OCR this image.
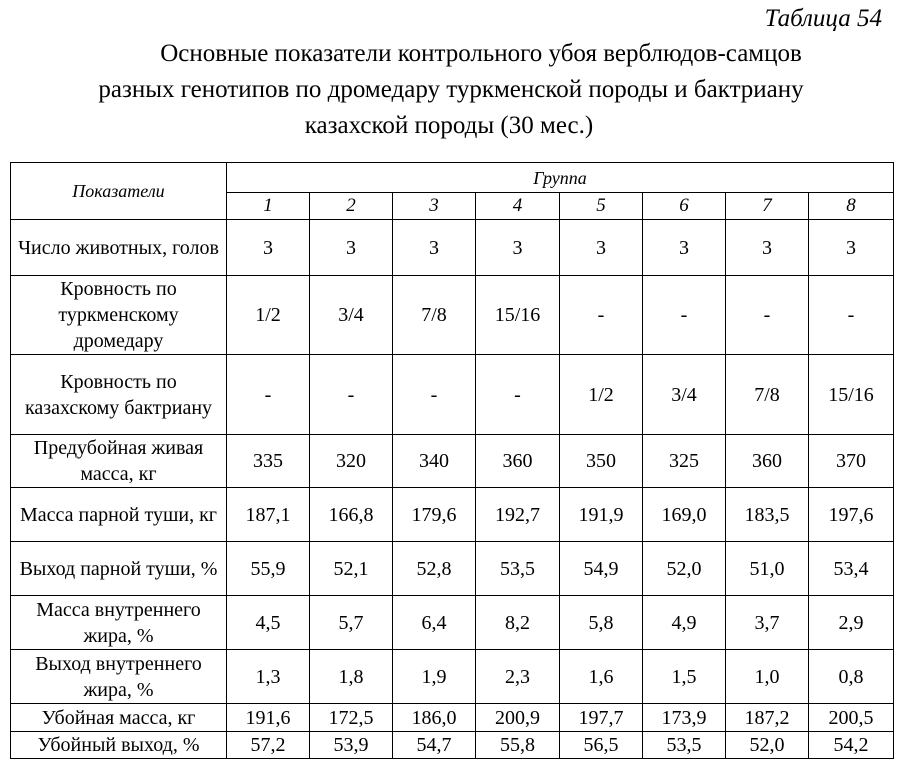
Таблица 54
Основные показатели контрольного убоя верблюдов-самцов
разных генотипов по дромедару туркменской породы и бактриану
казахской породы (30 мес.)
Показатели	Группа							
	1	2	3	4	5	6	7	8
Число животных, голов	3	3	3	3	3	3	3	3
Кровность по туркменскому дромедару	1/2	3/4	7/8	15/16	-	-	-	-
Кровность по казахскому бактриану	-	-	-	-	1/2	3/4	7/8	15/16
Предубойная живая масса, кг	335	320	340	360	350	325	360	370
Масса парной туши, кг	187,1	166,8	179,6	192,7	191,9	169,0	183,5	197,6
Выход парной туши, %	55,9	52,1	52,8	53,5	54,9	52,0	51,0	53,4
Масса внутреннего жира, %	4,5	5,7	6,4	8,2	5,8	4,9	3,7	2,9
Выход внутреннего жира, %	1,3	1,8	1,9	2,3	1,6	1,5	1,0	0,8
Убойная масса, кг	191,6	172,5	186,0	200,9	197,7	173,9	187,2	200,5
Убойный выход, %	57,2	53,9	54,7	55,8	56,5	53,5	52,0	54,2
